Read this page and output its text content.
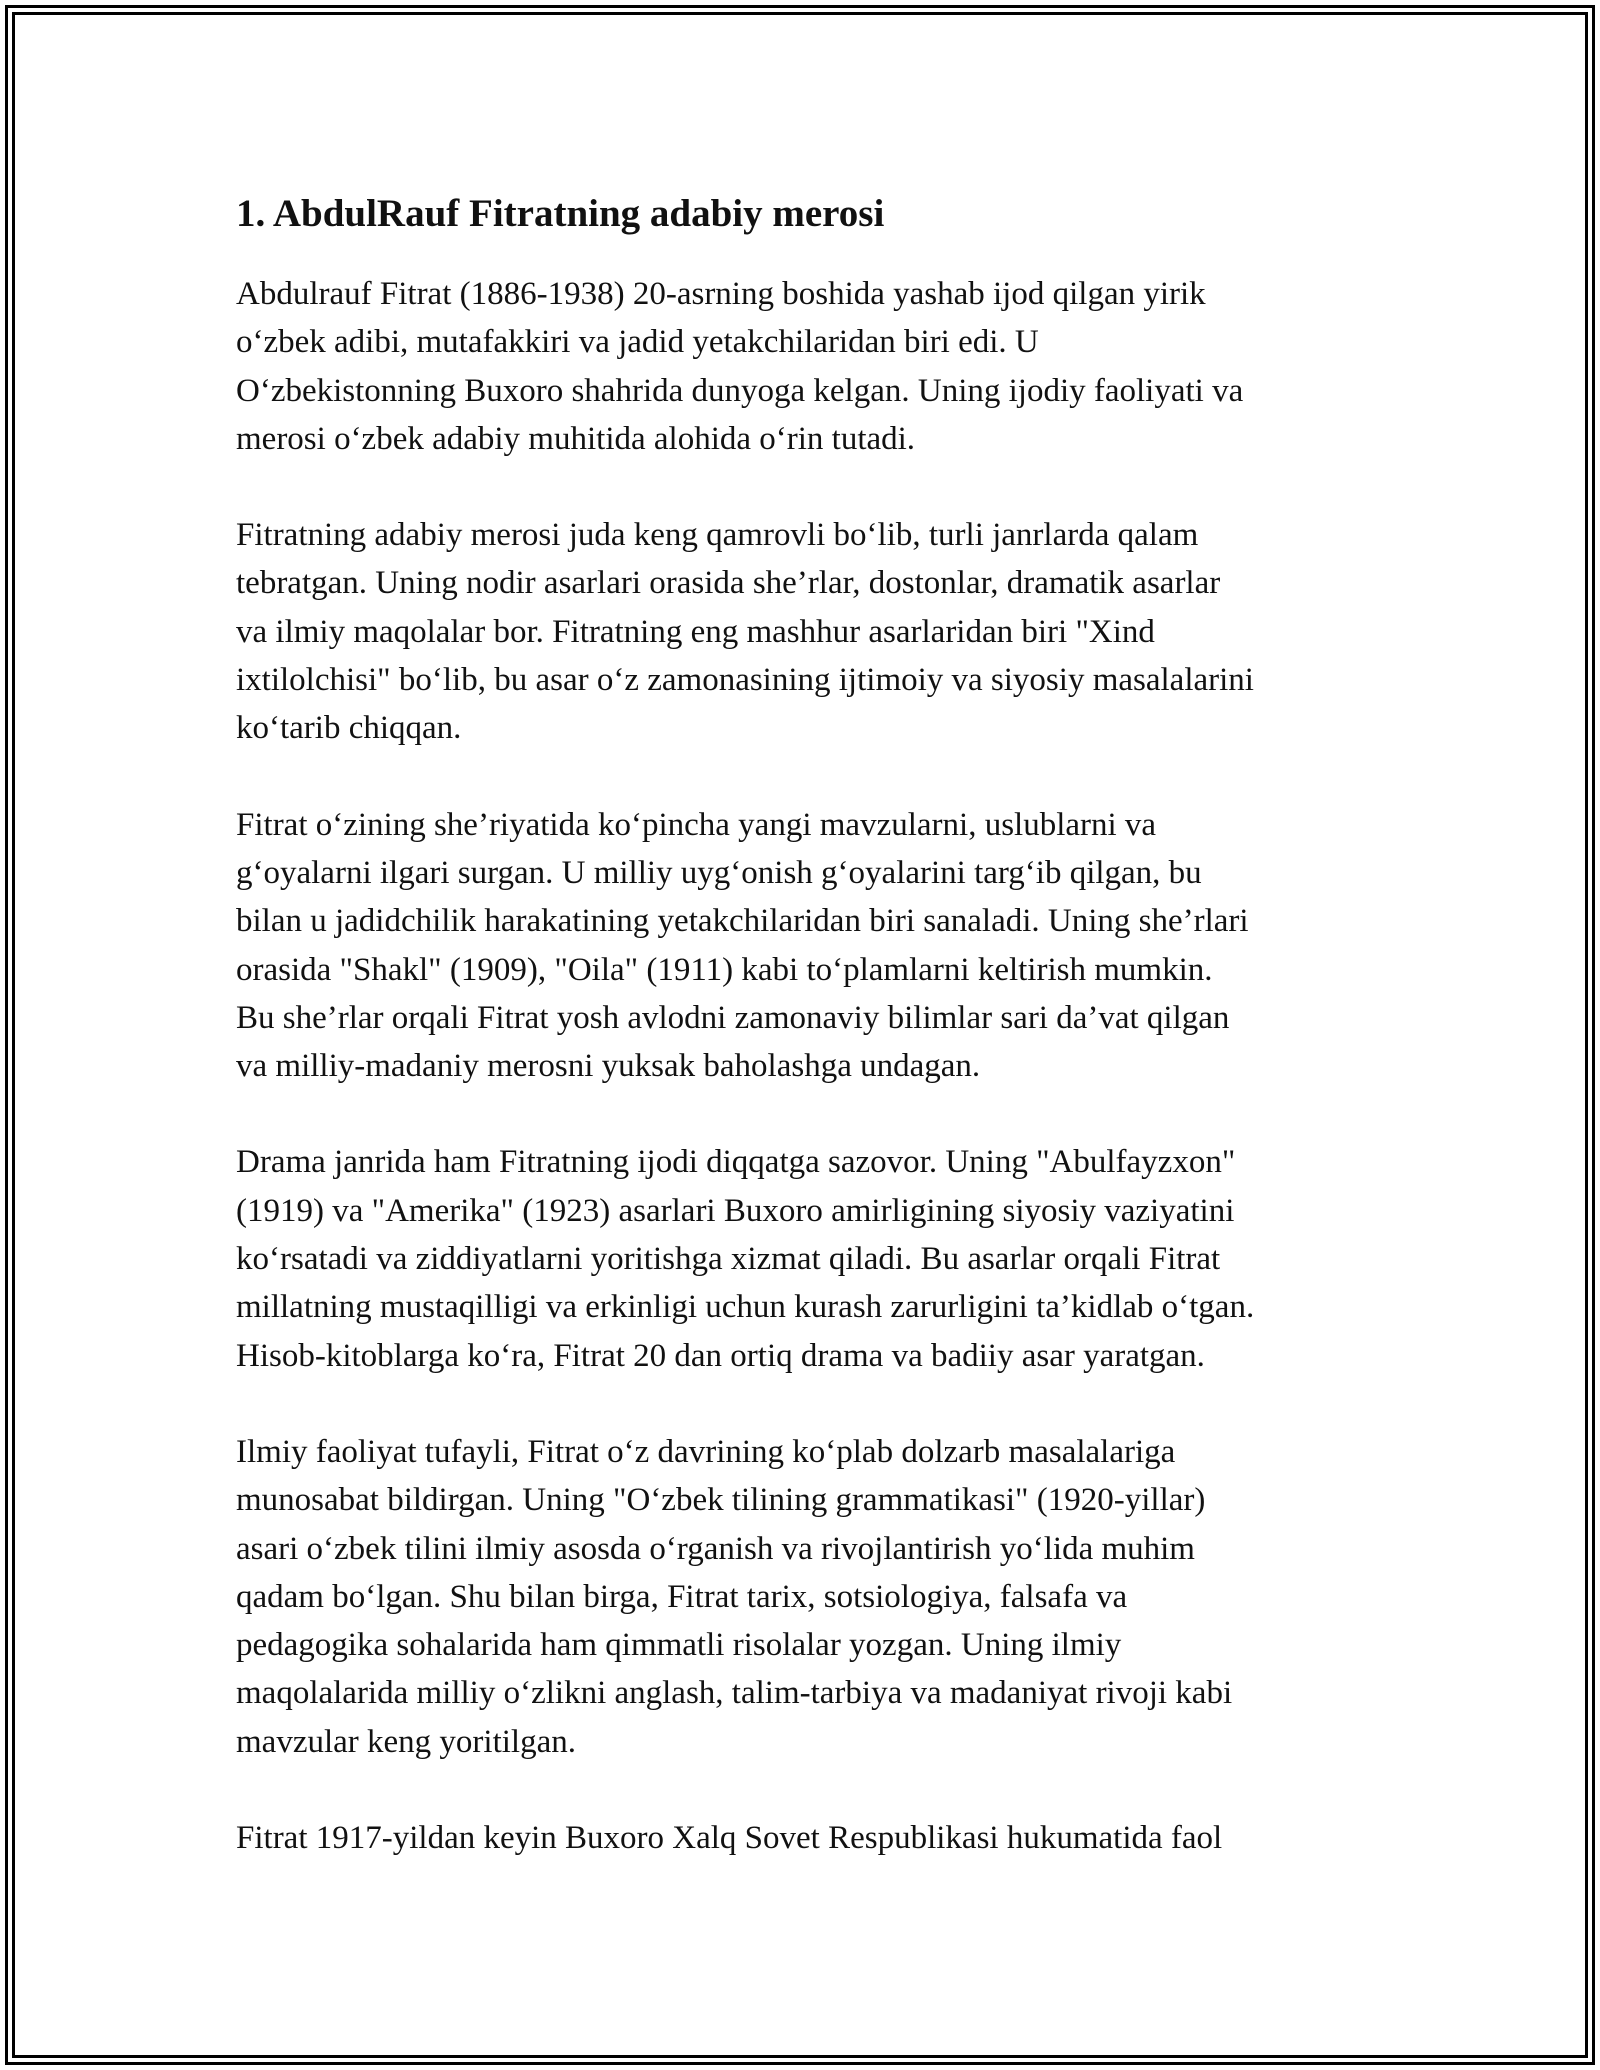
1. AbdulRauf Fitratning adabiy merosi

Abdulrauf Fitrat (1886-1938) 20-asrning boshida yashab ijod qilgan yirik
o‘zbek adibi, mutafakkiri va jadid yetakchilaridan biri edi. U
O‘zbekistonning Buxoro shahrida dunyoga kelgan. Uning ijodiy faoliyati va
merosi o‘zbek adabiy muhitida alohida o‘rin tutadi.

Fitratning adabiy merosi juda keng qamrovli bo‘lib, turli janrlarda qalam
tebratgan. Uning nodir asarlari orasida she’rlar, dostonlar, dramatik asarlar
va ilmiy maqolalar bor. Fitratning eng mashhur asarlaridan biri "Xind
ixtilolchisi" bo‘lib, bu asar o‘z zamonasining ijtimoiy va siyosiy masalalarini
ko‘tarib chiqqan.

Fitrat o‘zining she’riyatida ko‘pincha yangi mavzularni, uslublarni va
g‘oyalarni ilgari surgan. U milliy uyg‘onish g‘oyalarini targ‘ib qilgan, bu
bilan u jadidchilik harakatining yetakchilaridan biri sanaladi. Uning she’rlari
orasida "Shakl" (1909), "Oila" (1911) kabi to‘plamlarni keltirish mumkin.
Bu she’rlar orqali Fitrat yosh avlodni zamonaviy bilimlar sari da’vat qilgan
va milliy-madaniy merosni yuksak baholashga undagan.

Drama janrida ham Fitratning ijodi diqqatga sazovor. Uning "Abulfayzxon"
(1919) va "Amerika" (1923) asarlari Buxoro amirligining siyosiy vaziyatini
ko‘rsatadi va ziddiyatlarni yoritishga xizmat qiladi. Bu asarlar orqali Fitrat
millatning mustaqilligi va erkinligi uchun kurash zarurligini ta’kidlab o‘tgan.
Hisob-kitoblarga ko‘ra, Fitrat 20 dan ortiq drama va badiiy asar yaratgan.

Ilmiy faoliyat tufayli, Fitrat o‘z davrining ko‘plab dolzarb masalalariga
munosabat bildirgan. Uning "O‘zbek tilining grammatikasi" (1920-yillar)
asari o‘zbek tilini ilmiy asosda o‘rganish va rivojlantirish yo‘lida muhim
qadam bo‘lgan. Shu bilan birga, Fitrat tarix, sotsiologiya, falsafa va
pedagogika sohalarida ham qimmatli risolalar yozgan. Uning ilmiy
maqolalarida milliy o‘zlikni anglash, talim-tarbiya va madaniyat rivoji kabi
mavzular keng yoritilgan.

Fitrat 1917-yildan keyin Buxoro Xalq Sovet Respublikasi hukumatida faol
